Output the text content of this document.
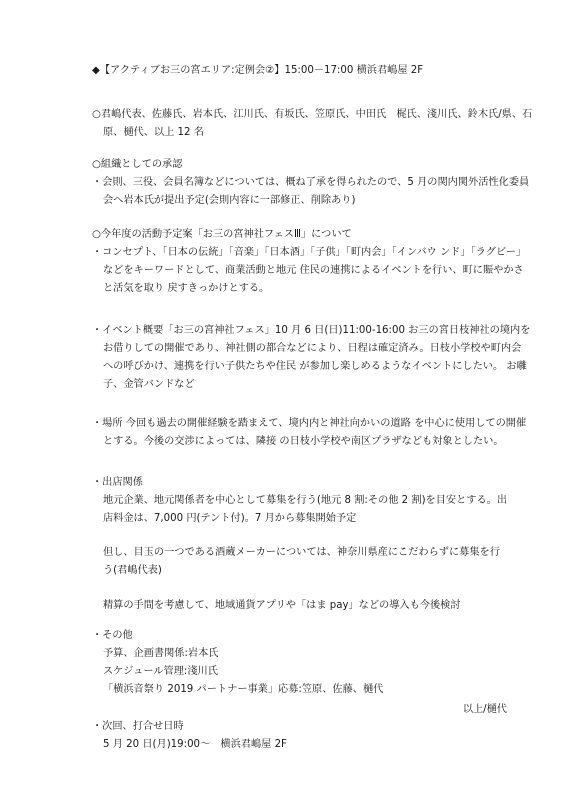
◆【アクティブお三の宮エリア:定例会②】15:00－17:00 横浜君嶋屋 2F
○君嶋代表、佐藤氏、岩本氏、江川氏、有坂氏、笠原氏、中田氏　梶氏、淺川氏、鈴木氏/県、石
原、樋代、以上 12 名
○組織としての承認
・会則、三役、会員名簿などについては、概ね了承を得られたので、5 月の関内関外活性化委員
会へ岩本氏が提出予定(会則内容に一部修正、削除あり)
○今年度の活動予定案「お三の宮神社フェスⅢ」について
・コンセプト、「日本の伝統」「音楽」「日本酒」「子供」「町内会」「インバウ ンド」「ラグビー」
などをキーワードとして、商業活動と地元 住民の連携によるイベントを行い、町に賑やかさ
と活気を取り 戻すきっかけとする。
・イベント概要「お三の宮神社フェス」10 月 6 日(日)11:00-16:00 お三の宮日枝神社の境内を
お借りしての開催であり、神社側の都合などにより、日程は確定済み。日枝小学校や町内会
への呼びかけ、連携を行い子供たちや住民 が参加し楽しめるようなイベントにしたい。 お囃
子、金管バンドなど
・場所 今回も過去の開催経験を踏まえて、境内内と神社向かいの道路 を中心に使用しての開催
とする。今後の交渉によっては、隣接 の日枝小学校や南区プラザなども対象としたい。
・出店関係
地元企業、地元関係者を中心として募集を行う(地元 8 割:その他 2 割)を目安とする。出
店料金は、7,000 円(テント付)。7 月から募集開始予定
但し、目玉の一つである酒蔵メーカーについては、神奈川県産にこだわらずに募集を行
う(君嶋代表)
精算の手間を考慮して、地域通貨アプリや「はま pay」などの導入も今後検討
・その他
予算、企画書関係:岩本氏
スケジュール管理:淺川氏
「横浜音祭り 2019 パートナー事業」応募:笠原、佐藤、樋代
・次回、打合せ日時
5 月 20 日(月)19:00～　横浜君嶋屋 2F
以上/樋代
